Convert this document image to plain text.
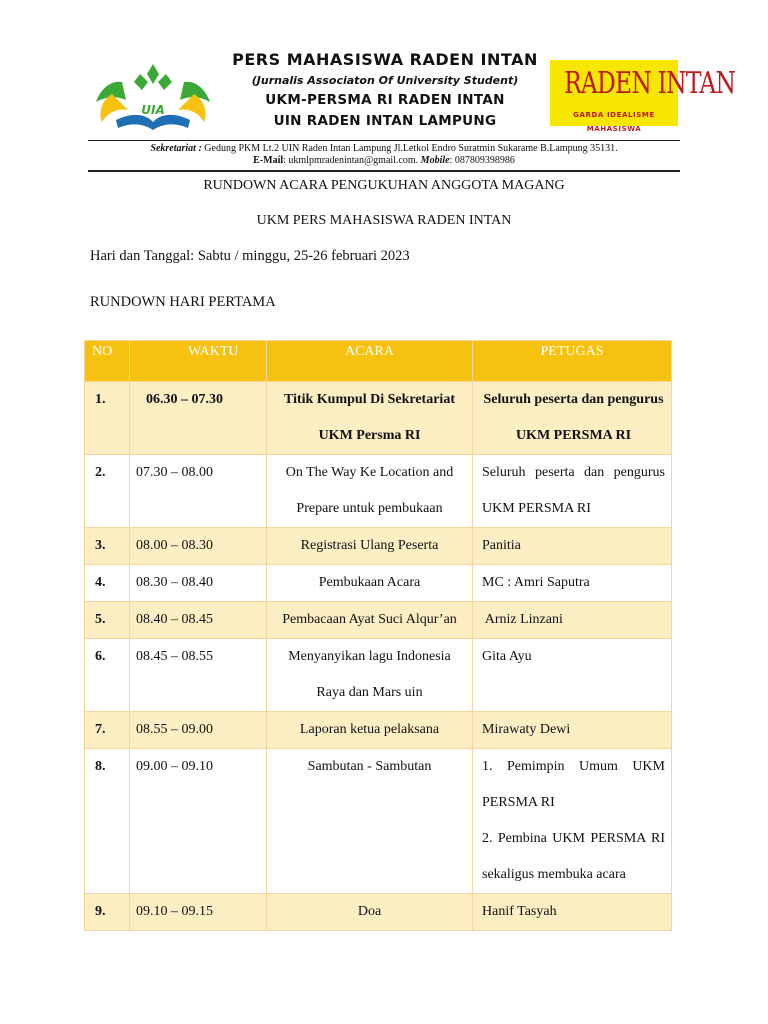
UIA
PERS MAHASISWA RADEN INTAN
(Jurnalis Associaton Of University Student)
UKM-PERSMA RI RADEN INTAN
UIN RADEN INTAN LAMPUNG
RADEN INTAN
GARDA IDEALISME MAHASISWA
Sekretariat : Gedung PKM Lt.2 UIN Raden Intan Lampung Jl.Letkol Endro Suratmin Sukarame B.Lampung 35131.
E-Mail: ukmlpmradenintan@gmail.com. Mobile: 087809398986
RUNDOWN ACARA PENGUKUHAN ANGGOTA MAGANG
UKM PERS MAHASISWA RADEN INTAN
Hari dan Tanggal: Sabtu / minggu, 25-26 februari 2023
RUNDOWN HARI PERTAMA
NO	WAKTU	ACARA	PETUGAS

1.	06.30 – 07.30	Titik Kumpul Di Sekretariat
UKM Persma RI	Seluruh peserta dan pengurus
UKM PERSMA RI

2.	07.30 – 08.00	On The Way Ke Location and
Prepare untuk pembukaan	Seluruh peserta dan pengurus
UKM PERSMA RI

3.	08.00 – 08.30	Registrasi Ulang Peserta	Panitia

4.	08.30 – 08.40	Pembukaan Acara	MC : Amri Saputra

5.	08.40 – 08.45	Pembacaan Ayat Suci Alqur’an	Arniz Linzani

6.	08.45 – 08.55	Menyanyikan lagu Indonesia
Raya dan Mars uin	Gita Ayu

7.	08.55 – 09.00	Laporan ketua pelaksana	Mirawaty Dewi

8.	09.00 – 09.10	Sambutan - Sambutan	1. Pemimpin Umum UKM
PERSMA RI
2. Pembina UKM PERSMA RI
sekaligus membuka acara

9.	09.10 – 09.15	Doa	Hanif Tasyah
